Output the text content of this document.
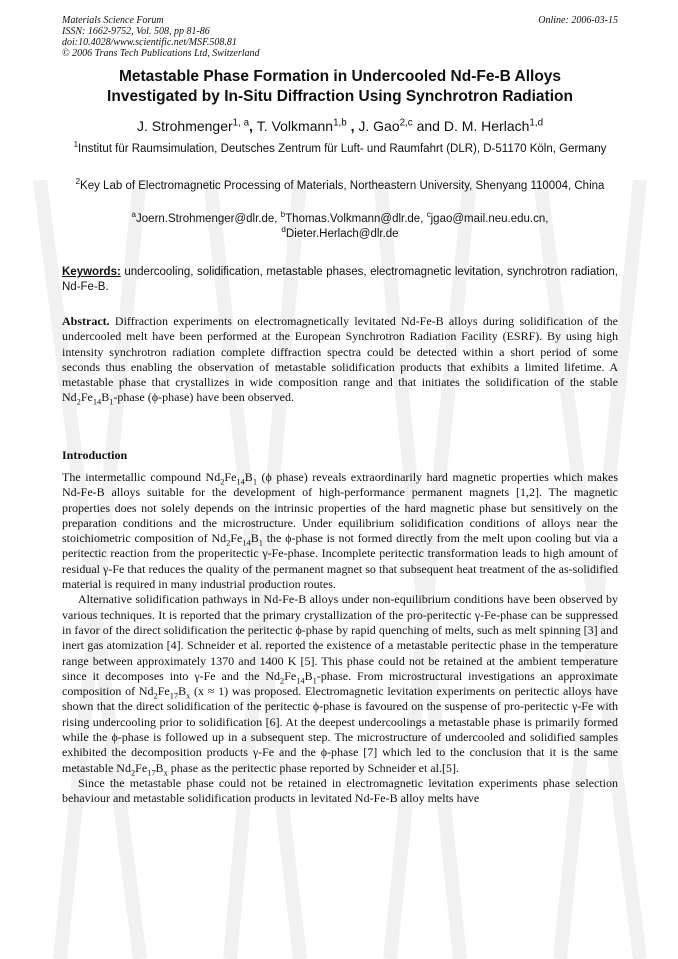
Materials Science Forum
ISSN: 1662-9752, Vol. 508, pp 81-86
doi:10.4028/www.scientific.net/MSF.508.81
© 2006 Trans Tech Publications Ltd, Switzerland
Online: 2006-03-15
Metastable Phase Formation in Undercooled Nd-Fe-B Alloys
Investigated by In-Situ Diffraction Using Synchrotron Radiation
J. Strohmenger$^{1, a}$, T. Volkmann$^{1,b}$ , J. Gao$^{2,c}$ and D. M. Herlach$^{1,d}$
$^1$Institut für Raumsimulation, Deutsches Zentrum für Luft- und Raumfahrt (DLR), D-51170 Köln, Germany
$^2$Key Lab of Electromagnetic Processing of Materials, Northeastern University, Shenyang 110004, China
$^a$Joern.Strohmenger@dlr.de, $^b$Thomas.Volkmann@dlr.de, $^c$jgao@mail.neu.edu.cn,
$^d$Dieter.Herlach@dlr.de
Keywords: undercooling, solidification, metastable phases, electromagnetic levitation, synchrotron radiation, Nd-Fe-B.
Abstract. Diffraction experiments on electromagnetically levitated Nd-Fe-B alloys during solidification of the undercooled melt have been performed at the European Synchrotron Radiation Facility (ESRF). By using high intensity synchrotron radiation complete diffraction spectra could be detected within a short period of some seconds thus enabling the observation of metastable solidification products that exhibits a limited lifetime. A metastable phase that crystallizes in wide composition range and that initiates the solidification of the stable $Nd_2Fe_{14}B_1$-phase (ϕ-phase) have been observed.
Introduction

The intermetallic compound $Nd_2Fe_{14}B_1$ (ϕ phase) reveals extraordinarily hard magnetic properties which makes Nd-Fe-B alloys suitable for the development of high-performance permanent magnets [1,2]. The magnetic properties does not solely depends on the intrinsic properties of the hard magnetic phase but sensitively on the preparation conditions and the microstructure. Under equilibrium solidification conditions of alloys near the stoichiometric composition of $Nd_2Fe_{14}B_1$ the ϕ-phase is not formed directly from the melt upon cooling but via a peritectic reaction from the properitectic γ-Fe-phase. Incomplete peritectic transformation leads to high amount of residual γ-Fe that reduces the quality of the permanent magnet so that subsequent heat treatment of the as-solidified material is required in many industrial production routes.

Alternative solidification pathways in Nd-Fe-B alloys under non-equilibrium conditions have been observed by various techniques. It is reported that the primary crystallization of the pro-peritectic γ-Fe-phase can be suppressed in favor of the direct solidification the peritectic ϕ-phase by rapid quenching of melts, such as melt spinning [3] and inert gas atomization [4]. Schneider et al. reported the existence of a metastable peritectic phase in the temperature range between approximately 1370 and 1400 K [5]. This phase could not be retained at the ambient temperature since it decomposes into γ-Fe and the $Nd_2Fe_{14}B_1$-phase. From microstructural investigations an approximate composition of $Nd_2Fe_{17}B_x$ (x ≈ 1) was proposed. Electromagnetic levitation experiments on peritectic alloys have shown that the direct solidification of the peritectic ϕ-phase is favoured on the suspense of pro-peritectic γ-Fe with rising undercooling prior to solidification [6]. At the deepest undercoolings a metastable phase is primarily formed while the ϕ-phase is followed up in a subsequent step. The microstructure of undercooled and solidified samples exhibited the decomposition products γ-Fe and the ϕ-phase [7] which led to the conclusion that it is the same metastable $Nd_2Fe_{17}B_x$ phase as the peritectic phase reported by Schneider et al.[5].

Since the metastable phase could not be retained in electromagnetic levitation experiments phase selection behaviour and metastable solidification products in levitated Nd-Fe-B alloy melts have
